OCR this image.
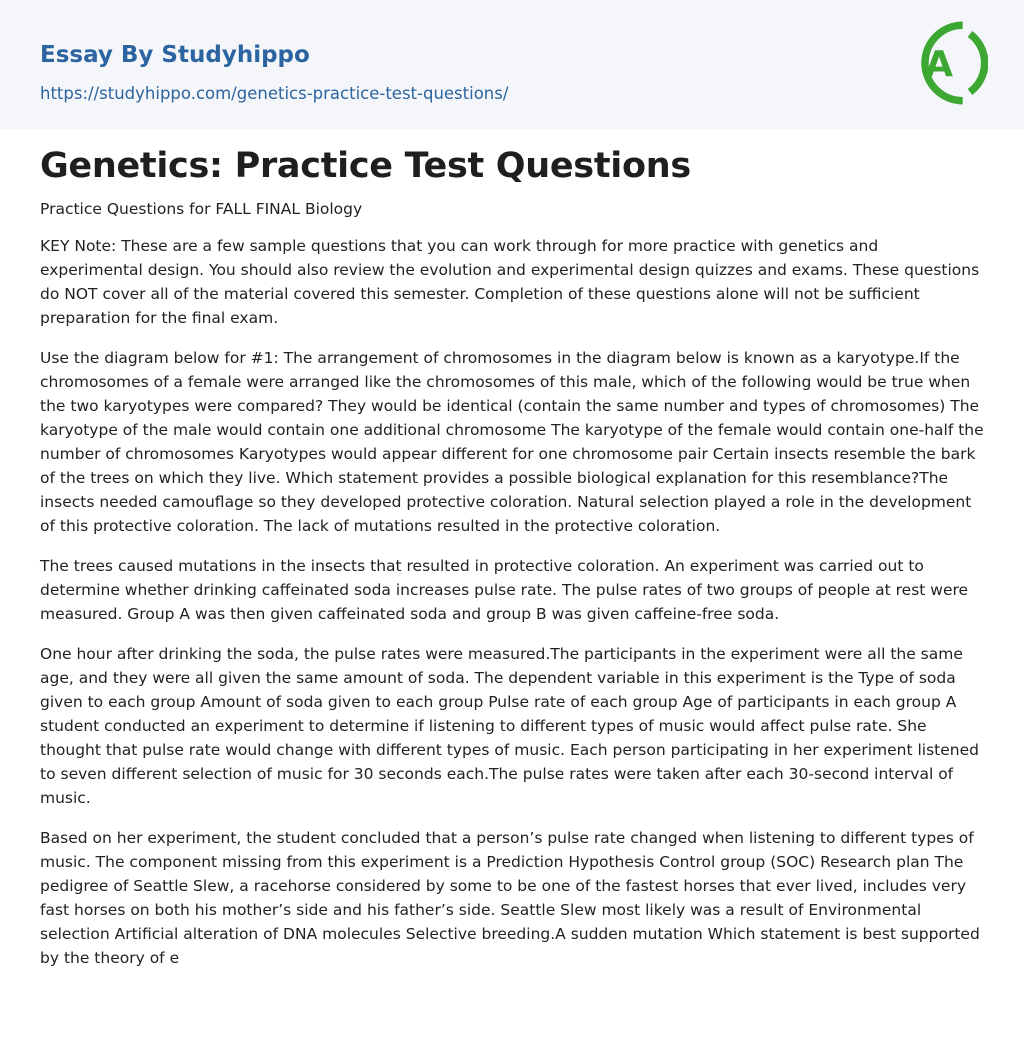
Essay By Studyhippo
https://studyhippo.com/genetics-practice-test-questions/
A
Genetics: Practice Test Questions
Practice Questions for FALL FINAL Biology

KEY Note: These are a few sample questions that you can work through for more practice with genetics and experimental design. You should also review the evolution and experimental design quizzes and exams. These questions do NOT cover all of the material covered this semester. Completion of these questions alone will not be sufficient preparation for the final exam.

Use the diagram below for #1: The arrangement of chromosomes in the diagram below is known as a karyotype.If the chromosomes of a female were arranged like the chromosomes of this male, which of the following would be true when the two karyotypes were compared? They would be identical (contain the same number and types of chromosomes) The karyotype of the male would contain one additional chromosome The karyotype of the female would contain one-half the number of chromosomes Karyotypes would appear different for one chromosome pair Certain insects resemble the bark of the trees on which they live. Which statement provides a possible biological explanation for this resemblance?The insects needed camouflage so they developed protective coloration. Natural selection played a role in the development of this protective coloration. The lack of mutations resulted in the protective coloration.

The trees caused mutations in the insects that resulted in protective coloration. An experiment was carried out to determine whether drinking caffeinated soda increases pulse rate. The pulse rates of two groups of people at rest were measured. Group A was then given caffeinated soda and group B was given caffeine-free soda.

One hour after drinking the soda, the pulse rates were measured.The participants in the experiment were all the same age, and they were all given the same amount of soda. The dependent variable in this experiment is the Type of soda given to each group Amount of soda given to each group Pulse rate of each group Age of participants in each group A student conducted an experiment to determine if listening to different types of music would affect pulse rate. She thought that pulse rate would change with different types of music. Each person participating in her experiment listened to seven different selection of music for 30 seconds each.The pulse rates were taken after each 30-second interval of music.

Based on her experiment, the student concluded that a person’s pulse rate changed when listening to different types of music. The component missing from this experiment is a Prediction Hypothesis Control group (SOC) Research plan The pedigree of Seattle Slew, a racehorse considered by some to be one of the fastest horses that ever lived, includes very fast horses on both his mother’s side and his father’s side. Seattle Slew most likely was a result of Environmental selection Artificial alteration of DNA molecules Selective breeding.A sudden mutation Which statement is best supported by the theory of e
